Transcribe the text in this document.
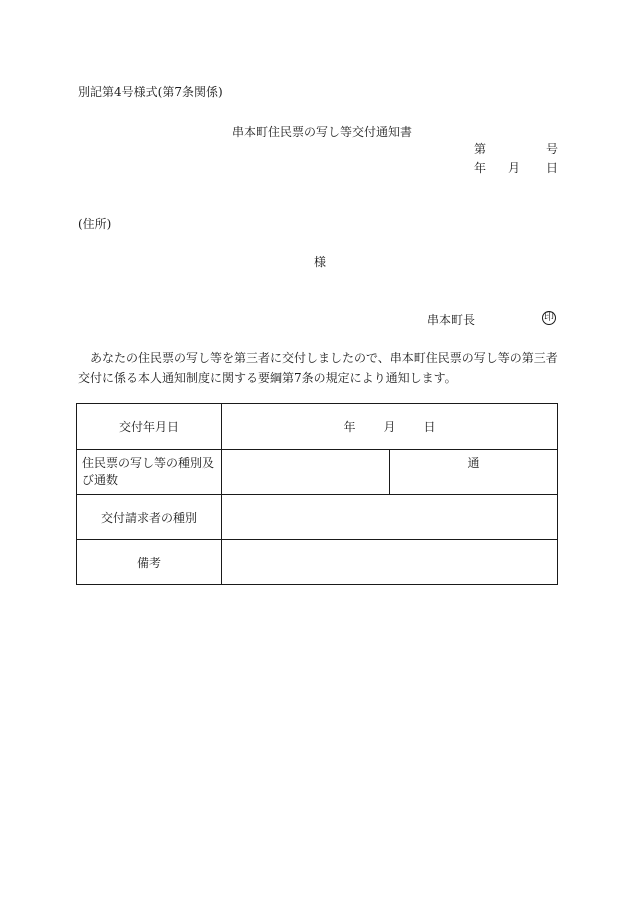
別記第4号様式(第7条関係)
串本町住民票の写し等交付通知書
第	号
年 月 日
(住所)
様
串本町長	印
あなたの住民票の写し等を第三者に交付しましたので、串本町住民票の写し等の第三者交付に係る本人通知制度に関する要綱第7条の規定により通知します。
交付年月日	年 月 日	
住民票の写し等の種別及び通数		通
交付請求者の種別		
備考		
